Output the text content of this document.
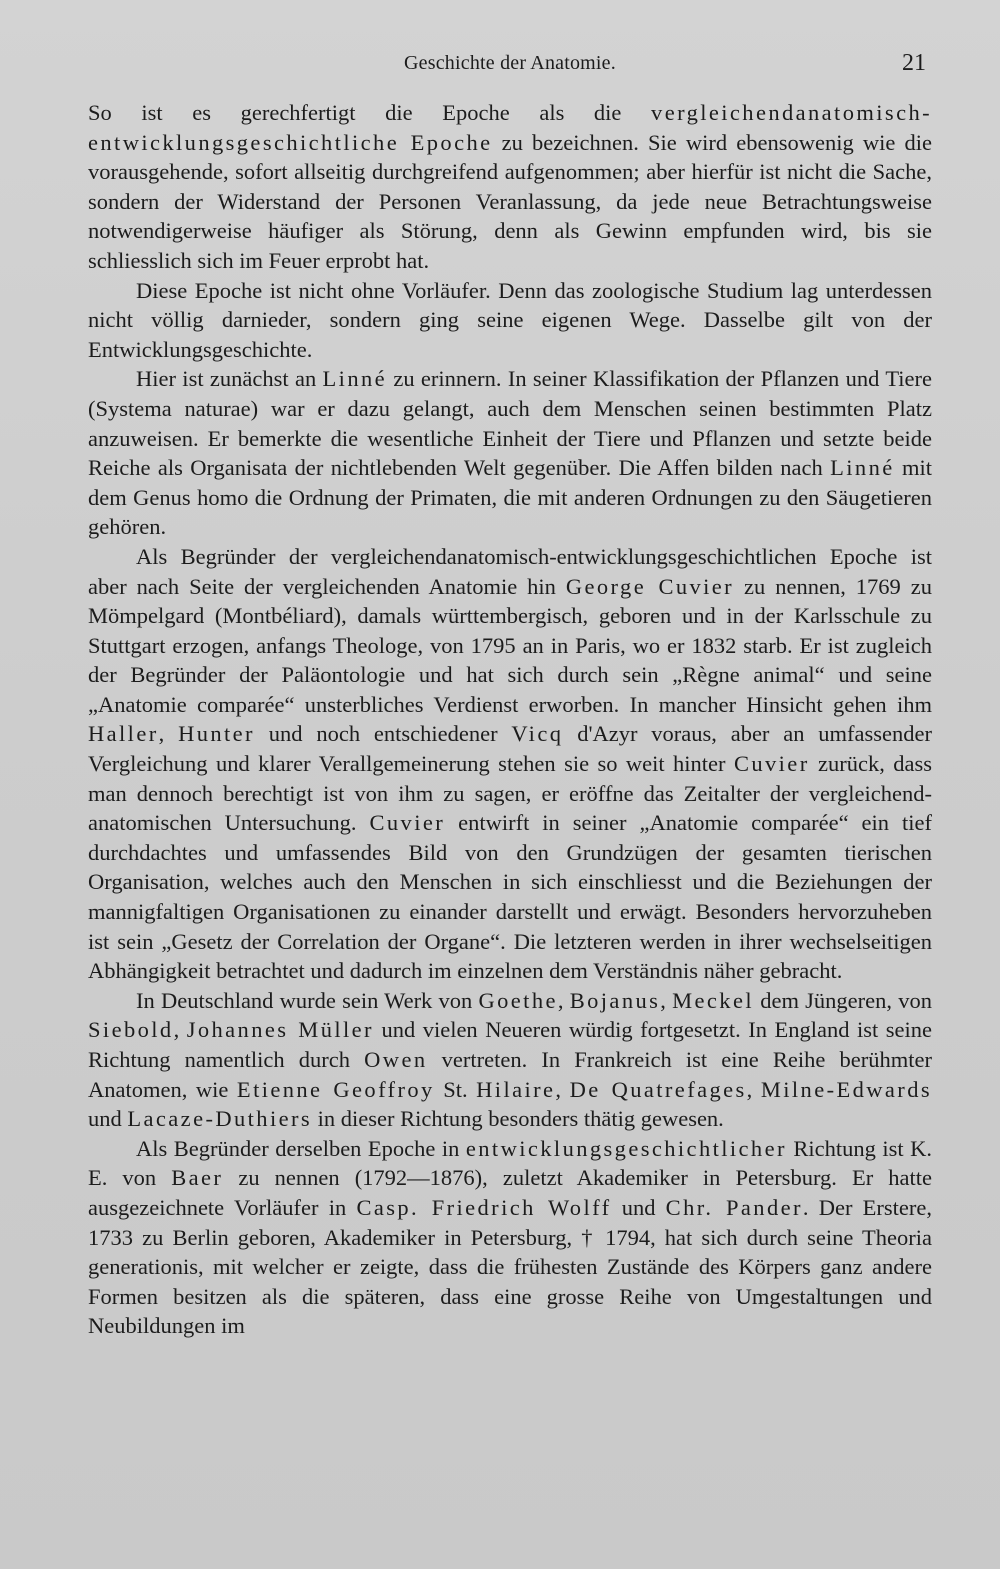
Geschichte der Anatomie.	21

So ist es gerechfertigt die Epoche als die vergleichendanatomisch-entwicklungsgeschichtliche Epoche zu bezeichnen. Sie wird ebensowenig wie die vorausgehende, sofort allseitig durchgreifend aufgenommen; aber hierfür ist nicht die Sache, sondern der Widerstand der Personen Veranlassung, da jede neue Betrachtungsweise notwendigerweise häufiger als Störung, denn als Gewinn empfunden wird, bis sie schliesslich sich im Feuer erprobt hat.

Diese Epoche ist nicht ohne Vorläufer. Denn das zoologische Studium lag unterdessen nicht völlig darnieder, sondern ging seine eigenen Wege. Dasselbe gilt von der Entwicklungsgeschichte.

Hier ist zunächst an Linné zu erinnern. In seiner Klassifikation der Pflanzen und Tiere (Systema naturae) war er dazu gelangt, auch dem Menschen seinen bestimmten Platz anzuweisen. Er bemerkte die wesentliche Einheit der Tiere und Pflanzen und setzte beide Reiche als Organisata der nichtlebenden Welt gegenüber. Die Affen bilden nach Linné mit dem Genus homo die Ordnung der Primaten, die mit anderen Ordnungen zu den Säugetieren gehören.

Als Begründer der vergleichendanatomisch-entwicklungsgeschichtlichen Epoche ist aber nach Seite der vergleichenden Anatomie hin George Cuvier zu nennen, 1769 zu Mömpelgard (Montbéliard), damals württembergisch, geboren und in der Karlsschule zu Stuttgart erzogen, anfangs Theologe, von 1795 an in Paris, wo er 1832 starb. Er ist zugleich der Begründer der Paläontologie und hat sich durch sein „Règne animal“ und seine „Anatomie comparée“ unsterbliches Verdienst erworben. In mancher Hinsicht gehen ihm Haller, Hunter und noch entschiedener Vicq d'Azyr voraus, aber an umfassender Vergleichung und klarer Verallgemeinerung stehen sie so weit hinter Cuvier zurück, dass man dennoch berechtigt ist von ihm zu sagen, er eröffne das Zeitalter der vergleichend-anatomischen Untersuchung. Cuvier entwirft in seiner „Anatomie comparée“ ein tief durchdachtes und umfassendes Bild von den Grundzügen der gesamten tierischen Organisation, welches auch den Menschen in sich einschliesst und die Beziehungen der mannigfaltigen Organisationen zu einander darstellt und erwägt. Besonders hervorzuheben ist sein „Gesetz der Correlation der Organe“. Die letzteren werden in ihrer wechselseitigen Abhängigkeit betrachtet und dadurch im einzelnen dem Verständnis näher gebracht.

In Deutschland wurde sein Werk von Goethe, Bojanus, Meckel dem Jüngeren, von Siebold, Johannes Müller und vielen Neueren würdig fortgesetzt. In England ist seine Richtung namentlich durch Owen vertreten. In Frankreich ist eine Reihe berühmter Anatomen, wie Etienne Geoffroy St. Hilaire, De Quatrefages, Milne-Edwards und Lacaze-Duthiers in dieser Richtung besonders thätig gewesen.

Als Begründer derselben Epoche in entwicklungsgeschichtlicher Richtung ist K. E. von Baer zu nennen (1792—1876), zuletzt Akademiker in Petersburg. Er hatte ausgezeichnete Vorläufer in Casp. Friedrich Wolff und Chr. Pander. Der Erstere, 1733 zu Berlin geboren, Akademiker in Petersburg, † 1794, hat sich durch seine Theoria generationis, mit welcher er zeigte, dass die frühesten Zustände des Körpers ganz andere Formen besitzen als die späteren, dass eine grosse Reihe von Umgestaltungen und Neubildungen im
